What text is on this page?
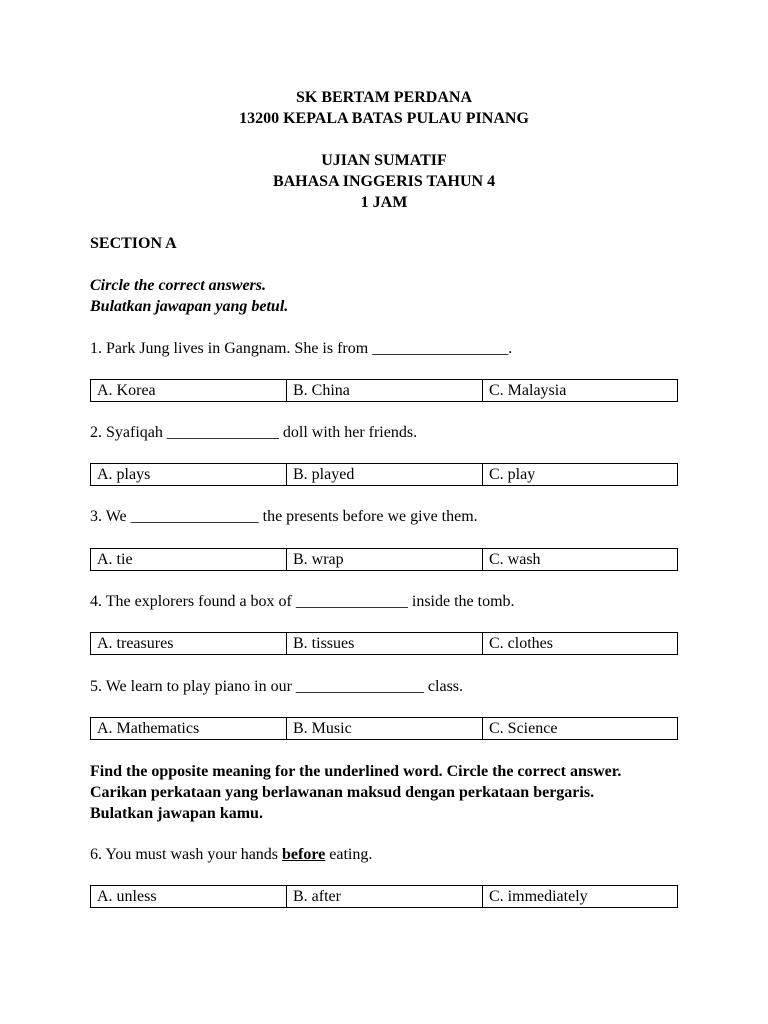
SK BERTAM PERDANA
13200 KEPALA BATAS PULAU PINANG
UJIAN SUMATIF
BAHASA INGGERIS TAHUN 4
1 JAM
SECTION A
Circle the correct answers.
Bulatkan jawapan yang betul.
1. Park Jung lives in Gangnam. She is from _________________.
A. Korea	B. China	C. Malaysia
2. Syafiqah ______________ doll with her friends.
A. plays	B. played	C. play
3. We ________________ the presents before we give them.
A. tie	B. wrap	C. wash
4. The explorers found a box of ______________ inside the tomb.
A. treasures	B. tissues	C. clothes
5. We learn to play piano in our ________________ class.
A. Mathematics	B. Music	C. Science
Find the opposite meaning for the underlined word. Circle the correct answer.
Carikan perkataan yang berlawanan maksud dengan perkataan bergaris.
Bulatkan jawapan kamu.
6. You must wash your hands before eating.
A. unless	B. after	C. immediately
